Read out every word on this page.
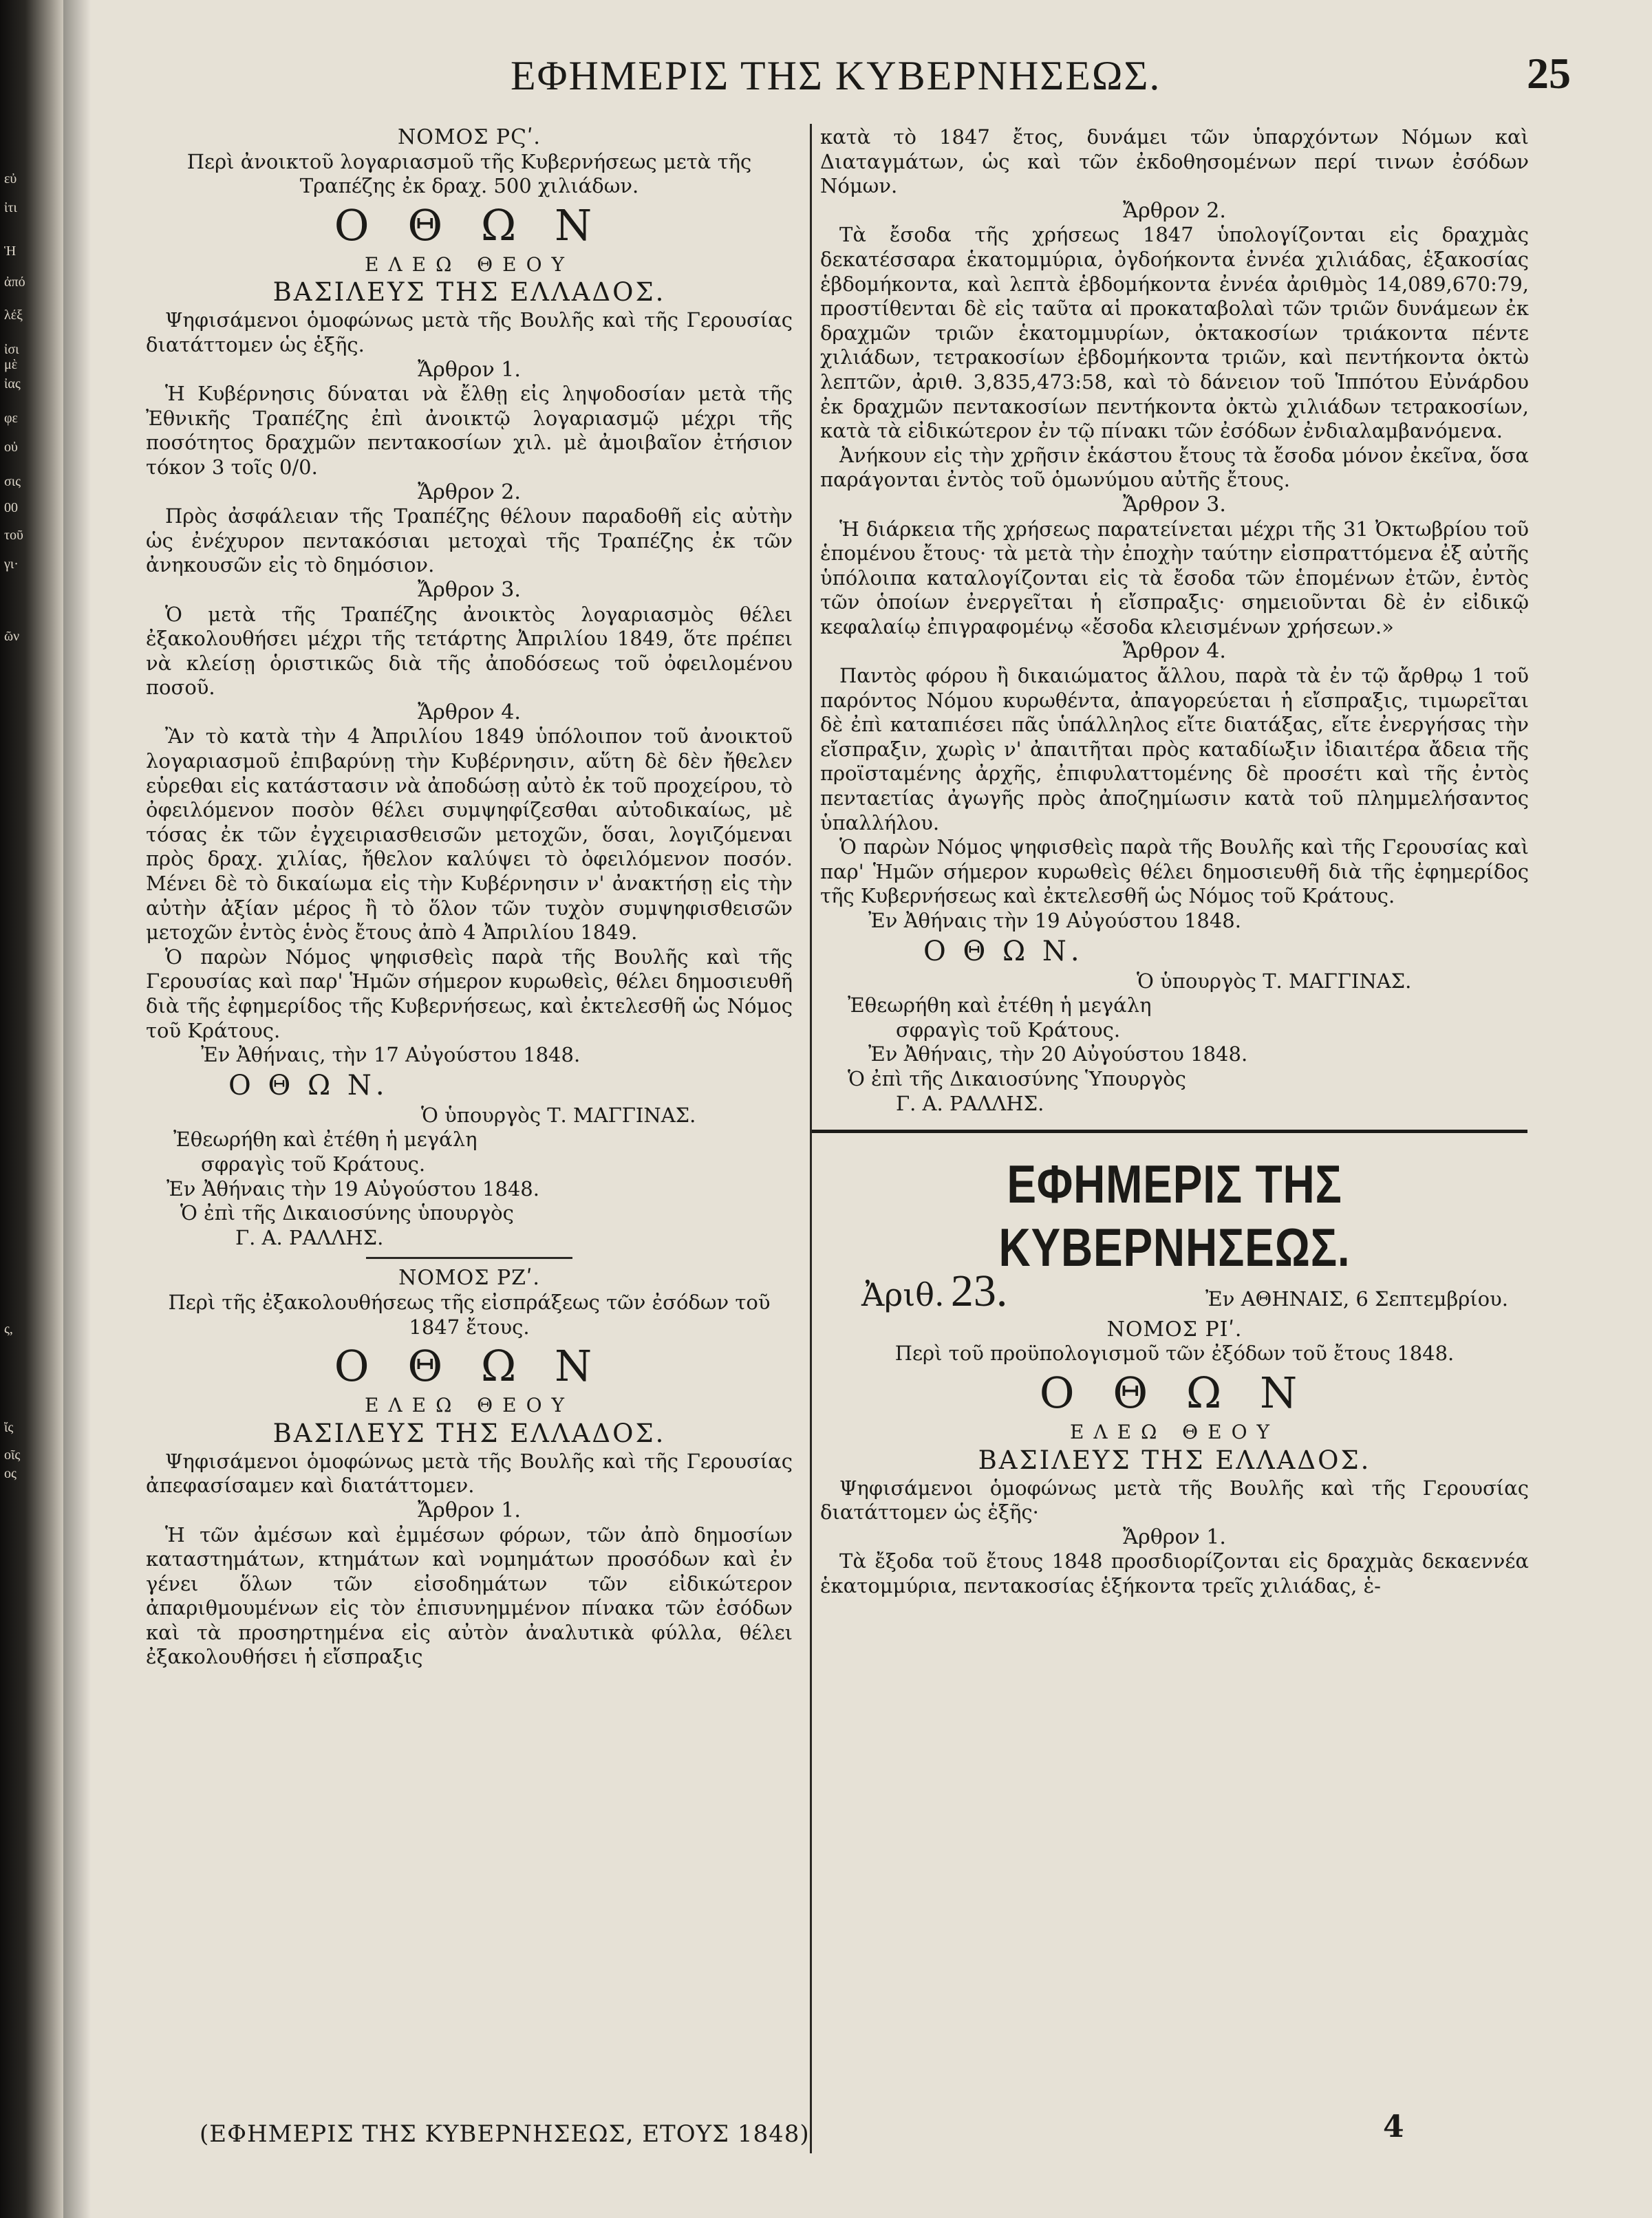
εὐ
ἰτι
Ἡ
ἀπό
λέξ
ἰσι
μὲ
ἰας
φε
οὐ
σις
00
τοῦ
γι·
ῶν
ς,
ἴς
οῖς
ος
ΕΦΗΜΕΡΙΣ ΤΗΣ ΚΥΒΕΡΝΗΣΕΩΣ.	25
ΝΟΜΟΣ ΡϚʹ.
Περὶ ἀνοικτοῦ λογαριασμοῦ τῆς Κυβερνήσεως μετὰ τῆς Τραπέζης ἐκ δραχ. 500 χιλιάδων.
Ο Θ Ω Ν
ΕΛΕΩ ΘΕΟΥ
ΒΑΣΙΛΕΥΣ ΤΗΣ ΕΛΛΑΔΟΣ.
Ψηφισάμενοι ὁμοφώνως μετὰ τῆς Βουλῆς καὶ τῆς Γερουσίας διατάττομεν ὡς ἑξῆς.
Ἄρθρον 1.
Ἡ Κυβέρνησις δύναται νὰ ἔλθῃ εἰς ληψοδοσίαν μετὰ τῆς Ἐθνικῆς Τραπέζης ἐπὶ ἀνοικτῷ λογαριασμῷ μέχρι τῆς ποσότητος δραχμῶν πεντακοσίων χιλ. μὲ ἀμοιβαῖον ἐτήσιον τόκον 3 τοῖς 0/0.
Ἄρθρον 2.
Πρὸς ἀσφάλειαν τῆς Τραπέζης θέλουν παραδοθῆ εἰς αὐτὴν ὡς ἐνέχυρον πεντακόσιαι μετοχαὶ τῆς Τραπέζης ἐκ τῶν ἀνηκουσῶν εἰς τὸ δημόσιον.
Ἄρθρον 3.
Ὁ μετὰ τῆς Τραπέζης ἀνοικτὸς λογαριασμὸς θέλει ἐξακολουθήσει μέχρι τῆς τετάρτης Ἀπριλίου 1849, ὅτε πρέπει νὰ κλείσῃ ὁριστικῶς διὰ τῆς ἀποδόσεως τοῦ ὀφειλομένου ποσοῦ.
Ἄρθρον 4.
Ἂν τὸ κατὰ τὴν 4 Ἀπριλίου 1849 ὑπόλοιπον τοῦ ἀνοικτοῦ λογαριασμοῦ ἐπιβαρύνῃ τὴν Κυβέρνησιν, αὕτη δὲ δὲν ἤθελεν εὑρεθαι εἰς κατάστασιν νὰ ἀποδώσῃ αὐτὸ ἐκ τοῦ προχείρου, τὸ ὀφειλόμενον ποσὸν θέλει συμψηφίζεσθαι αὐτοδικαίως, μὲ τόσας ἐκ τῶν ἐγχειριασθεισῶν μετοχῶν, ὅσαι, λογιζόμεναι πρὸς δραχ. χιλίας, ἤθελον καλύψει τὸ ὀφειλόμενον ποσόν. Μένει δὲ τὸ δικαίωμα εἰς τὴν Κυβέρνησιν ν' ἀνακτήσῃ εἰς τὴν αὐτὴν ἀξίαν μέρος ἢ τὸ ὅλον τῶν τυχὸν συμψηφισθεισῶν μετοχῶν ἐντὸς ἑνὸς ἔτους ἀπὸ 4 Ἀπριλίου 1849.
Ὁ παρὼν Νόμος ψηφισθεὶς παρὰ τῆς Βουλῆς καὶ τῆς Γερουσίας καὶ παρ' Ἡμῶν σήμερον κυρωθεὶς, θέλει δημοσιευθῆ διὰ τῆς ἐφημερίδος τῆς Κυβερνήσεως, καὶ ἐκτελεσθῆ ὡς Νόμος τοῦ Κράτους.
Ἐν Ἀθήναις, τὴν 17 Αὐγούστου 1848.
Ο Θ Ω Ν.
Ὁ ὑπουργὸς Τ. ΜΑΓΓΙΝΑΣ.
Ἐθεωρήθη καὶ ἐτέθη ἡ μεγάλη
σφραγὶς τοῦ Κράτους.
Ἐν Ἀθήναις τὴν 19 Αὐγούστου 1848.
Ὁ ἐπὶ τῆς Δικαιοσύνης ὑπουργὸς
Γ. Α. ΡΑΛΛΗΣ.
ΝΟΜΟΣ ΡΖʹ.
Περὶ τῆς ἐξακολουθήσεως τῆς εἰσπράξεως τῶν ἐσόδων τοῦ 1847 ἔτους.
Ο Θ Ω Ν
ΕΛΕΩ ΘΕΟΥ
ΒΑΣΙΛΕΥΣ ΤΗΣ ΕΛΛΑΔΟΣ.
Ψηφισάμενοι ὁμοφώνως μετὰ τῆς Βουλῆς καὶ τῆς Γερουσίας ἀπεφασίσαμεν καὶ διατάττομεν.
Ἄρθρον 1.
Ἡ τῶν ἀμέσων καὶ ἐμμέσων φόρων, τῶν ἀπὸ δημοσίων καταστημάτων, κτημάτων καὶ νομημάτων προσόδων καὶ ἐν γένει ὅλων τῶν εἰσοδημάτων τῶν εἰδικώτερον ἀπαριθμουμένων εἰς τὸν ἐπισυνημμένον πίνακα τῶν ἐσόδων καὶ τὰ προσηρτημένα εἰς αὐτὸν ἀναλυτικὰ φύλλα, θέλει ἐξακολουθήσει ἡ εἴσπραξις
κατὰ τὸ 1847 ἔτος, δυνάμει τῶν ὑπαρχόντων Νόμων καὶ Διαταγμάτων, ὡς καὶ τῶν ἐκδοθησομένων περί τινων ἐσόδων Νόμων.
Ἄρθρον 2.
Τὰ ἔσοδα τῆς χρήσεως 1847 ὑπολογίζονται εἰς δραχμὰς δεκατέσσαρα ἑκατομμύρια, ὀγδοήκοντα ἐννέα χιλιάδας, ἑξακοσίας ἑβδομήκοντα, καὶ λεπτὰ ἑβδομήκοντα ἐννέα ἀριθμὸς 14,089,670:79, προστίθενται δὲ εἰς ταῦτα αἱ προκαταβολαὶ τῶν τριῶν δυνάμεων ἐκ δραχμῶν τριῶν ἑκατομμυρίων, ὀκτακοσίων τριάκοντα πέντε χιλιάδων, τετρακοσίων ἑβδομήκοντα τριῶν, καὶ πεντήκοντα ὀκτὼ λεπτῶν, ἀριθ. 3,835,473:58, καὶ τὸ δάνειον τοῦ Ἱππότου Εὐνάρδου ἐκ δραχμῶν πεντακοσίων πεντήκοντα ὀκτὼ χιλιάδων τετρακοσίων, κατὰ τὰ εἰδικώτερον ἐν τῷ πίνακι τῶν ἐσόδων ἐνδιαλαμβανόμενα.
Ἀνήκουν εἰς τὴν χρῆσιν ἑκάστου ἔτους τὰ ἔσοδα μόνον ἐκεῖνα, ὅσα παράγονται ἐντὸς τοῦ ὁμωνύμου αὐτῆς ἔτους.
Ἄρθρον 3.
Ἡ διάρκεια τῆς χρήσεως παρατείνεται μέχρι τῆς 31 Ὀκτωβρίου τοῦ ἑπομένου ἔτους· τὰ μετὰ τὴν ἐποχὴν ταύτην εἰσπραττόμενα ἐξ αὐτῆς ὑπόλοιπα καταλογίζονται εἰς τὰ ἔσοδα τῶν ἑπομένων ἐτῶν, ἐντὸς τῶν ὁποίων ἐνεργεῖται ἡ εἴσπραξις· σημειοῦνται δὲ ἐν εἰδικῷ κεφαλαίῳ ἐπιγραφομένῳ «ἔσοδα κλεισμένων χρήσεων.»
Ἄρθρον 4.
Παντὸς φόρου ἢ δικαιώματος ἄλλου, παρὰ τὰ ἐν τῷ ἄρθρῳ 1 τοῦ παρόντος Νόμου κυρωθέντα, ἀπαγορεύεται ἡ εἴσπραξις, τιμωρεῖται δὲ ἐπὶ καταπιέσει πᾶς ὑπάλληλος εἴτε διατάξας, εἴτε ἐνεργήσας τὴν εἴσπραξιν, χωρὶς ν' ἀπαιτῆται πρὸς καταδίωξιν ἰδιαιτέρα ἄδεια τῆς προϊσταμένης ἀρχῆς, ἐπιφυλαττομένης δὲ προσέτι καὶ τῆς ἐντὸς πενταετίας ἀγωγῆς πρὸς ἀποζημίωσιν κατὰ τοῦ πλημμελήσαντος ὑπαλλήλου.
Ὁ παρὼν Νόμος ψηφισθεὶς παρὰ τῆς Βουλῆς καὶ τῆς Γερουσίας καὶ παρ' Ἡμῶν σήμερον κυρωθεὶς θέλει δημοσιευθῆ διὰ τῆς ἐφημερίδος τῆς Κυβερνήσεως καὶ ἐκτελεσθῆ ὡς Νόμος τοῦ Κράτους.
Ἐν Ἀθήναις τὴν 19 Αὐγούστου 1848.
Ο Θ Ω Ν.
Ὁ ὑπουργὸς Τ. ΜΑΓΓΙΝΑΣ.
Ἐθεωρήθη καὶ ἐτέθη ἡ μεγάλη
σφραγὶς τοῦ Κράτους.
Ἐν Ἀθήναις, τὴν 20 Αὐγούστου 1848.
Ὁ ἐπὶ τῆς Δικαιοσύνης Ὑπουργὸς
Γ. Α. ΡΑΛΛΗΣ.
ΕΦΗΜΕΡΙΣ ΤΗΣ ΚΥΒΕΡΝΗΣΕΩΣ.
Ἀριθ. 23.	Ἐν ΑΘΗΝΑΙΣ, 6 Σεπτεμβρίου.
ΝΟΜΟΣ ΡΙʹ.
Περὶ τοῦ προϋπολογισμοῦ τῶν ἐξόδων τοῦ ἔτους 1848.
Ο Θ Ω Ν
ΕΛΕΩ ΘΕΟΥ
ΒΑΣΙΛΕΥΣ ΤΗΣ ΕΛΛΑΔΟΣ.
Ψηφισάμενοι ὁμοφώνως μετὰ τῆς Βουλῆς καὶ τῆς Γερουσίας διατάττομεν ὡς ἑξῆς·
Ἄρθρον 1.
Τὰ ἔξοδα τοῦ ἔτους 1848 προσδιορίζονται εἰς δραχμὰς δεκαεννέα ἑκατομμύρια, πεντακοσίας ἑξήκοντα τρεῖς χιλιάδας, ἑ-
(ΕΦΗΜΕΡΙΣ ΤΗΣ ΚΥΒΕΡΝΗΣΕΩΣ, ΕΤΟΥΣ 1848)	4
